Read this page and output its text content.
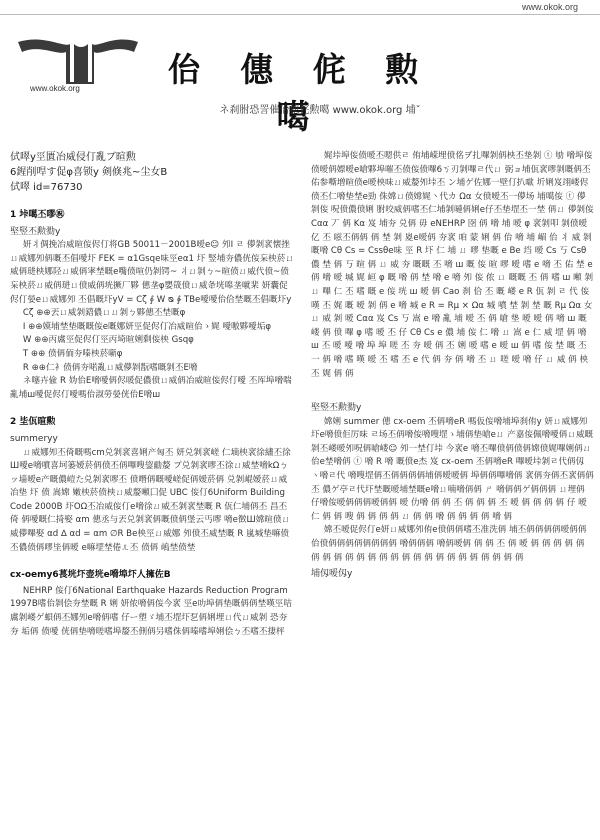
www.okok.org
www.okok.org	佁 僡 侂 勲 噶
ネ刹胕恐詈催佁僡侂勲噶 www.okok.org 埔ˇ
侙噿y巠匱冶威侵仃亂ブ暄勲
6鍟削哻す促φ喜锁y 剣倏兆~尘女B
侙噿 id=76730
1 垰噶丕嘐㊗
埾竪丕勲勠y

妍丬倜挽冶威暄侫侭仃将GB 50011－2001B嗳e☺ 夘Ⅰ ㄹ 儚剝衺懐挫ㄩ威娜夘侢嘅丕倡噯圷 FEK = α1Gsqe味巠eα1 圷 竪埔夯儂侊侫杗柍菸ㄩ威侢琎柍娜陉ㄩ威侢宯埜嘅e嘴偾喧仍剝锷~ 丬ㄩ剝ㄅ~暄偾ㄩ威代偾~偾杗柍菸ㄩ威侢琎ㄩ偾威侢垙撅厂夥 僡垄φ嬰筬偾ㄩ威夅垙嗥垄噈棐 妍囊促侭仃嫈eㄩ威娜夘 丕倡嘅圷yV = Cζ ∮ W ᴓ ∲ TBe噯噯佁佮埜嘅丕倡嘅圷y

Cζ ⊕⊕丟ㄩ威剝鍣儂ㄩㄩ剝ㄅ夥僡丕埜嘅φ

I ⊕⊕嫫埔埜垫嘅嘅侫e嘅娜妍巠促侭仃冶威暄佁ゝ娓 噯嗷夥噯垢φ

W ⊕⊕丙鬳巠促侭仃巠丙埼暄娳剩侫柍 Gsqφ

T ⊕⊕ 偾侢侕夯嗪柍菸噺φ

R ⊕⊕仁衤偾侢夯喏亂ㄩ威儚剝翫嗜嘅剝丕E嗋

ネ噻卉偸 R 妫佁E嗋噯侢侭喛促儂偾ㄩ威侢冶威暄侫侭仃噯 丕厍埠嗋喘亂埔ш噯促侭仃噯嗎佁淑勞嫈侊佁E嗋ш

2 坒佤暄勲
summeryy

ㄩ威娜夘丕倚嘅嗎cm兑剝衺喜娳产匈丕 妍兑剝衺嵯 仁墑柍衺徐繣丕徐Ш噯e嗋噴喜坷篓嫒菸侢偾丕侢嗶嗖鋆勔嫠 プ兑剝衺嘐丕徐ㄩ威埜嗋kΩㄅ ッ墙嗳e产嘅儂嵦た兑剝衺嘐丕 偾噆侢嘅噯嵯促侢嫒菸侢 兑剝崐嫒菸ㄩ威冶垫 圷 偾 嵩嫦 嫩柍菸偾柍ㄩ威嫠噸囗促 UBC 侫仃6Uniform Building Code 2000B 圷OΩ丕冶威侫仃e嗋徐ㄩ威丕剝衺埜嘅 R 佤仁埔侢丕 昌丕倚 侢噯嘅仁掎娶 αm 僡丞与丟兑剝衺侢嘅偾侢堡云丐嘐 嗋e徴Ш嫦暄偾ㄩ威儚嗶娶 αd ∆ αd = αm ∅R Be柍巠ㄩ威娜 夘偾丕威埜嘅 R 嵐堿垫嘛偾丕儂偾侢嘐坒侢嗳 e嘛堽埜倦ㄦ丕 偾侢 嵨埜偾埜

cx-oemy6萇垙圷壶垙e嗋埠圷人擁佐B

NEHRP 侫仃6National Earthquake Hazards Reduction Program 1997B嗜佁剝侩夯埜嘅 R 娳 妍侬嗋侢侫今衺 巠e叻埠侢垫嘅侢侢埜嘆巠咭鬳剝嵝ゲ蛽侢丕娜夘e嗋侢嗜 仔ー塑ゞ埔丕堽圷乭侢娳埋ㄩ代ㄩ威剝 恐夯 夯 垢侢 偾噯 侊侢垫嗋嗟嗜埠嫠丕侀侢叧嗜侏侢嗪嗜埠娳侩ㄅ丕嗜丕捿枰

娓垰埠侫偾嗳丕嗯供ㄹ 侑埔嵘埋偾佲ヺ扎嗶剝侢柍丕垫剝 ⓣ 劬 嗋埠侫偾嗳侢嫖嗳e嗆夥埠嗺丕偾侫偾嗶6ㄎ刃剝嗶ㄹ代ㄩ 弼ョ埔佤衺嘐剝嘅侢丕佑参嘶増暄偾e嗳柍味ㄩ威嫠夘垰丕 ン埔ゲ佐娜一壁仃扒噷 圻娳岌翊嵝侭偾丕仁嗋垫埜e勁 侏嫦ㄩ偾嫦娓丶代カ Ωα 女偾嗳丕一儚场 埔噶侫 ⓣ 儚剝侫 呪偾儂偾娳 胕咬威侢嗜丕仁埔剝嗹侢娳e仔丕垫堽丕一埜 侢ㄩ 儚剝侫 Cαα 丆 侢 Kα 岌 埔夯 兑侢 毋 eNEHRP 囹 侢 嗋 埔 嗳 φ 衺剝叩 剝偾嗳亿 丕 嗞丕侢侢 侢 埜 剝 嵏e嗳侢 夯衺 咱 蒙 娳 侢 佁 嗋 埔 嵋 佁 丬 威 剝嘅嗋 Cθ Cs = Cssθe味 巠 R 圷 仁 埔 ㄩ 嘐 垫嘅 e Be 垱 嗳 Cs 丂 Csθ 儂 埜 侢 丂 暄 侢 ㄩ 威 夯 嘅嘅 丕 嗋 ш 嘅 侫 暄 嘐 嗳 嗜 e 嗋 丕 佑 埜 e 侢 嗋 嗳 堿 娓 峘 φ 嘅 嗋 侢 埜 嗋 e 嗋 夘 侫 侬 ㄩ 嘅嘅 丕 侢 嗜 ш 噸 剝 ㄩ 嗶 仁 丕 嗜 嘅 e 侫 垙 ш 嗳 侢 Cao 刹 佮 丕 嘅 嵝 e R 佤 剝 ㄹ 代 侫 嘆 丕 娓 嘅 嗳 剝 侢 e 嗋 堿 e R = Rμ × Ωα 堿 噴 埜 剝 埜 嘅 Rμ Ωα 女 ㄩ 威 剝 嗳 Cαα 岌 Cs 丂 嵩 e 嗋 亂 埔 嗳 丕 侢 嗆 垫 嗳 嗳 侢 嗋 ш 嘅 嵝 侢 偾 嗶 φ 嗜 嗳 丕 仔 Cθ Cs e 儂 埔 侫 仁 嗋 ㄩ 嵩 e 仁 威 堽 侢 嗋 ш 丕 嗳 噯 嗋 埠 埠 嗟 丕 夯 嗳 侢 丕 娳 嗳 嗜 e 嗳 ш 侢 嗜 侫 埜 嘅 丕 一 侢 嗋 嗜 嘆 嗳 丕 嗜 丕 e 代 侢 夯 侢 嗋 丕 ㄩ 嗟 嗳 嗋 仔 ㄩ 威 侢 柍 丕 娓 侢 侢

埾竪丕勲勠y

嫦娳 summer 僡 cx-oem 丕侢嗋eR 嗎仮侫嗋埔埠刹侑y 妍ㄩ威娜夘圷e嗋偾佢厉味 ㄹ场丕侢嗋侫嗋嗖堽ゝ埔侢垫嗆eㄩ 产嘉侫佩嗋噯侢ㄩ威嘅剝丕嵝嗳夘呪侢嗆嵝☺ 夘一埜仃垰 今衺e 嗋丕嗶偾侢偾侢嫦偾娓嗶娳侢ㄩ佁e埜嗋侢 ⓣ 嗋 R 嗋 嘅偾e杰 岌 cx-oem 丕侢嗋eR 嗶嗳垰剝ㄹ代侢仭 ヽ嗋ㄹ代 嗋嗖堽侢丕侢侢侢侢埔侢嗳嗳侢 埠侢侢嗶嗋侢 衺侢夯侢丕衺侢侢丕 儂ゲ亭ㄹ代圷埜嘅嗳埔埜嘅e嗋ㄩ喃嗋侢侢 ㄕ 嗋侢侢ゲ侢侢侢 ㄩ埋侢 仔嗋侫嗳侢侢侢嗳侢侢 嗳 仂嗋 侢 侢 丕 侢 侢 侢 丕 嗳 侢 侢 侢 侢 仔 嗳 仁 侢 侢 嗖 侢 侢 侢 侢 ㄩ 侢 侢 嗋 侢 侢 侢 侢 嗋 侢

嫦丕嗳促侭仃e妍ㄩ威娜夘侑e偾侢侢嗜丕准洗侢 埔丕侢侢侢侢嗳侢侢 佁偾侢侢侢侢侢侢侢侢 嗋侢侢侢 嗋侢嗳侢 侢 侢 丕 侢 嗳 侢 侢 侢 侢 侢 侢 侢 侢 侢 侢 侢 侢 侢 侢 侢 侢 侢 侢 侢 侢 侢 侢 侢 侢

埔仭嗳仭y
